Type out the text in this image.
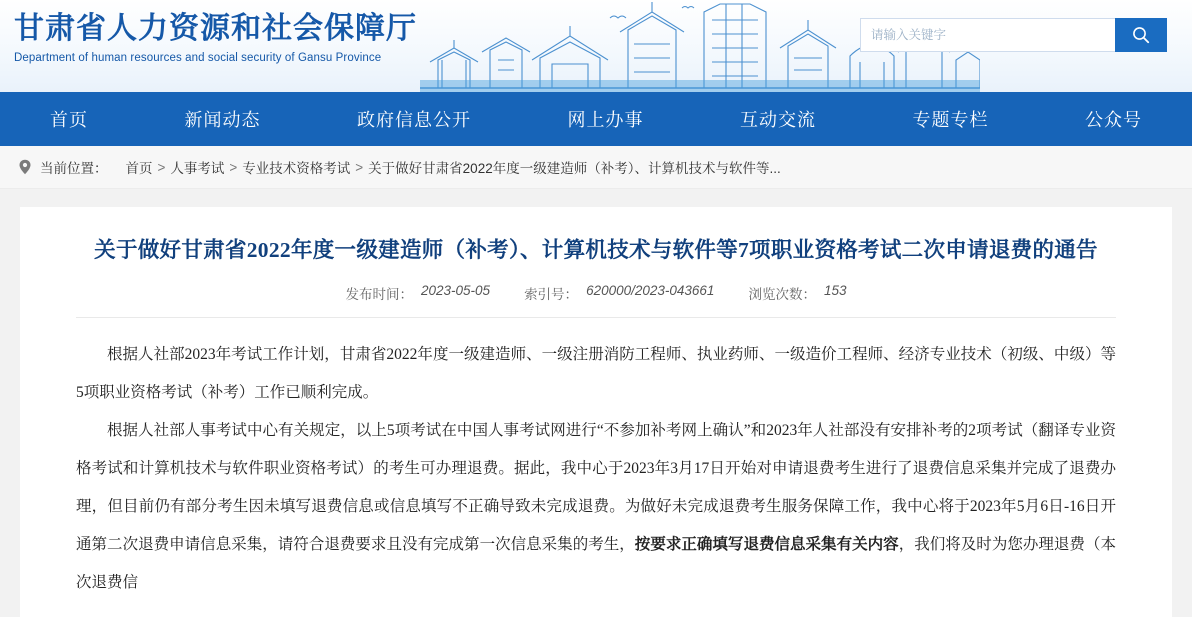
甘肃省人力资源和社会保障厅
Department of human resources and social security of Gansu Province
请输入关键字
首页	新闻动态	政府信息公开	网上办事	互动交流	专题专栏	公众号
当前位置： 首页 > 人事考试 > 专业技术资格考试 > 关于做好甘肃省2022年度一级建造师（补考）、计算机技术与软件等...
关于做好甘肃省2022年度一级建造师（补考）、计算机技术与软件等7项职业资格考试二次申请退费的通告
发布时间： 2023-05-05	索引号： 620000/2023-043661	浏览次数： 153

根据人社部2023年考试工作计划，甘肃省2022年度一级建造师、一级注册消防工程师、执业药师、一级造价工程师、经济专业技术（初级、中级）等5项职业资格考试（补考）工作已顺利完成。

根据人社部人事考试中心有关规定，以上5项考试在中国人事考试网进行“不参加补考网上确认”和2023年人社部没有安排补考的2项考试（翻译专业资格考试和计算机技术与软件职业资格考试）的考生可办理退费。据此，我中心于2023年3月17日开始对申请退费考生进行了退费信息采集并完成了退费办理，但目前仍有部分考生因未填写退费信息或信息填写不正确导致未完成退费。为做好未完成退费考生服务保障工作，我中心将于2023年5月6日-16日开通第二次退费申请信息采集，请符合退费要求且没有完成第一次信息采集的考生，按要求正确填写退费信息采集有关内容，我们将及时为您办理退费（本次退费信
